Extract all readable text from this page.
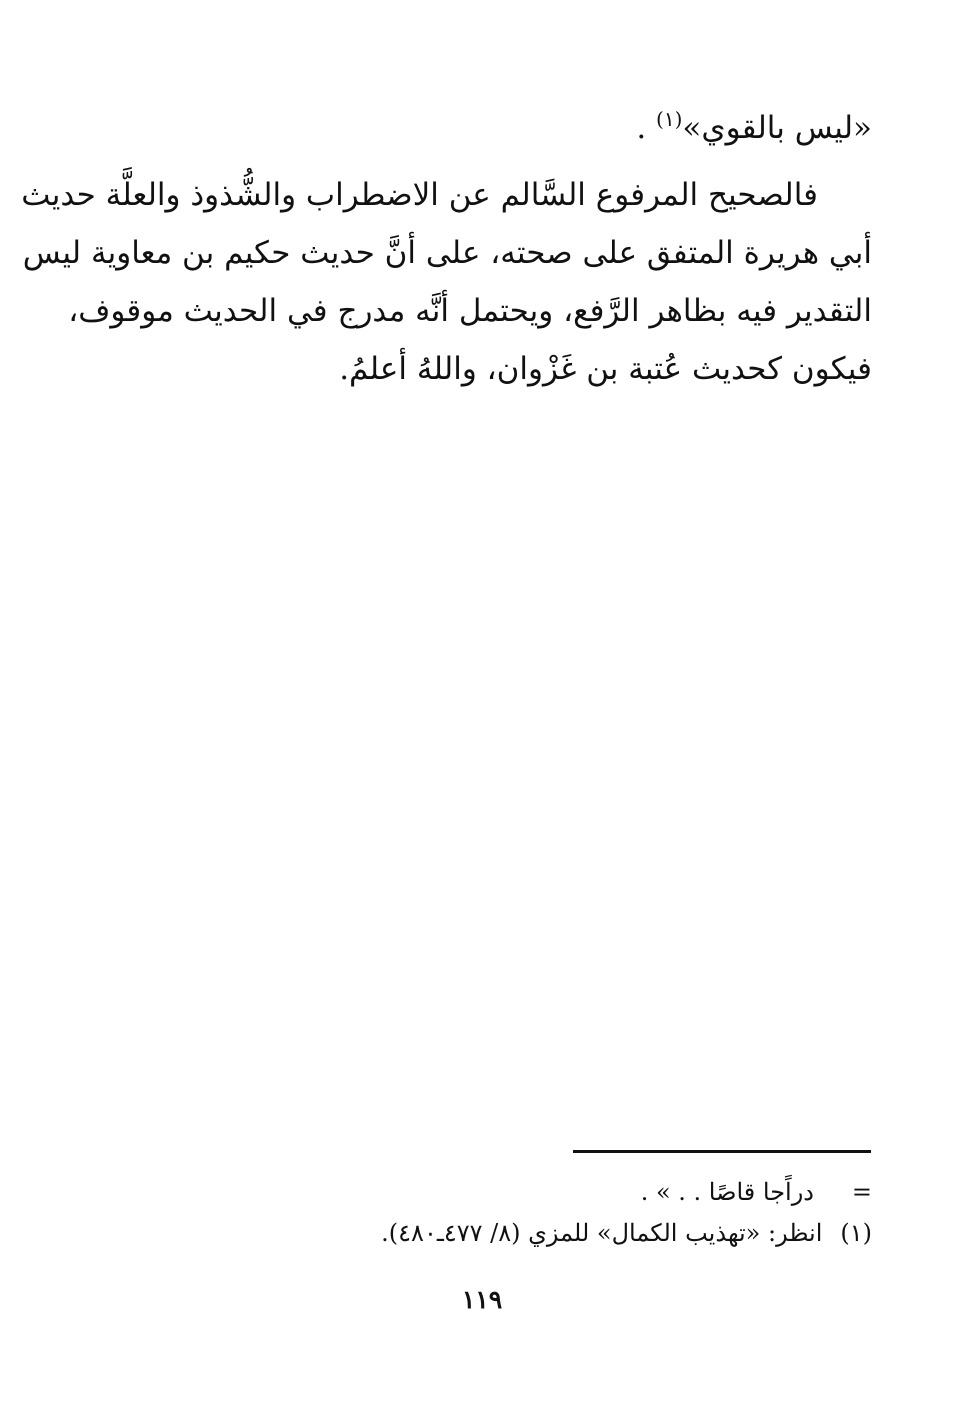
«ليس بالقوي»$^{(١)}$ .
فالصحيح المرفوع السَّالم عن الاضطراب والشُّذوذ والعلَّة حديث
أبي هريرة المتفق على صحته، على أنَّ حديث حكيم بن معاوية ليس
التقدير فيه بظاهر الرَّفع، ويحتمل أنَّه مدرج في الحديث موقوف،
فيكون كحديث عُتبة بن غَزْوان، واللهُ أعلمُ.
=دراًجا قاصًا . . » .
(١)انظر: «تهذيب الكمال» للمزي (٨/ ٤٧٧ـ٤٨٠).
١١٩
